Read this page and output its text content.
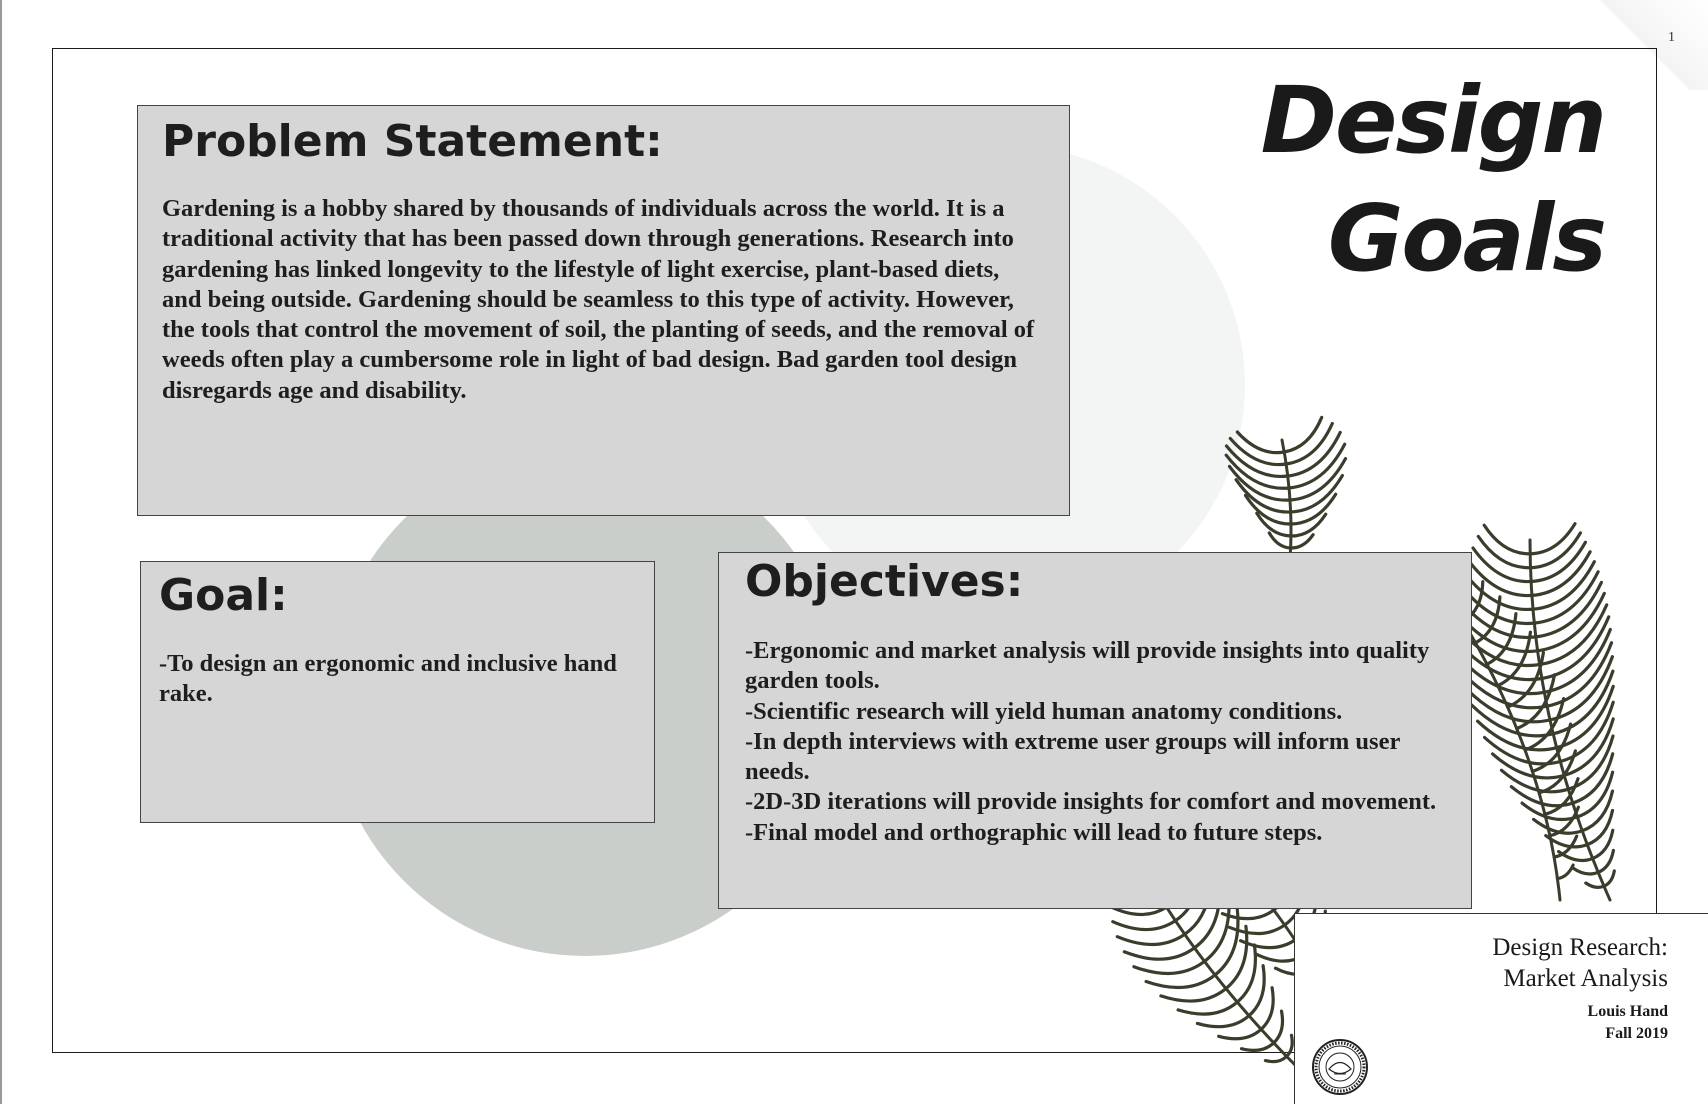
1
Design
Goals
Problem Statement:
Gardening is a hobby shared by thousands of individuals across the world. It is a traditional activity that has been passed down through generations. Research into gardening has linked longevity to the lifestyle of light exercise, plant-based diets, and being outside. Gardening should be seamless to this type of activity. However, the tools that control the movement of soil, the planting of seeds, and the removal of weeds often play a cumbersome role in light of bad design. Bad garden tool design disregards age and disability.
Goal:
-To design an ergonomic and inclusive hand rake.
Objectives:
-Ergonomic and market analysis will provide insights into quality garden tools.
-Scientific research will yield human anatomy conditions.
-In depth interviews with extreme user groups will inform user needs.
-2D-3D iterations will provide insights for comfort and movement.
-Final model and orthographic will lead to future steps.
Design Research:
Market Analysis
Louis Hand
Fall 2019
